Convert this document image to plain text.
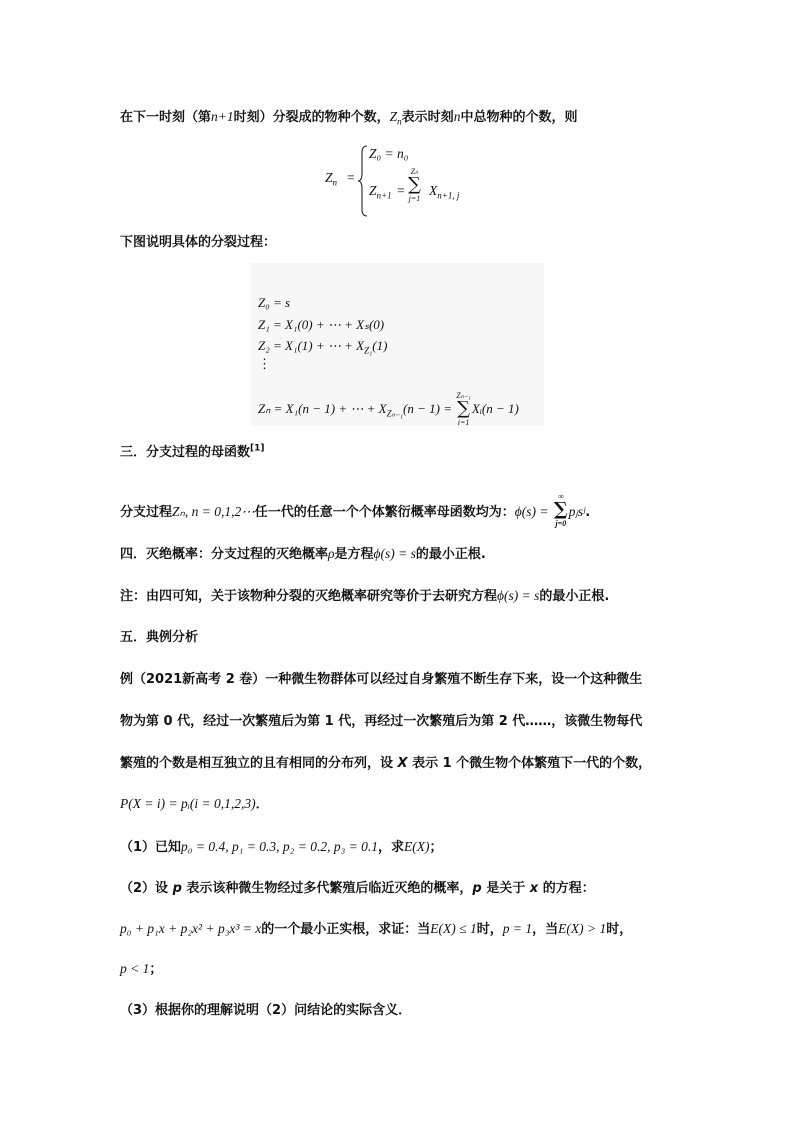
在下一时刻（第n+1时刻）分裂成的物种个数，$Z_n$表示时刻n中总物种的个数，则
$Z_n$ =
Z₀ = n₀
$Z_{n+1}$ =
Zₙ
∑
j=1
$X_{n+1, j}$
下图说明具体的分裂过程：
Z₀ = s
Z₁ = X₁(0) + ⋯ + Xₛ(0)
Z₂ = X₁(1) + ⋯ + $X_{Z_1}(1)$
⋮
Zₙ = X₁(n − 1) + ⋯ + $X_{Z_{n-1}}(n - 1)$ =
Zₙ₋₁
∑
i=1
Xᵢ(n − 1)
三．分支过程的母函数[1]
分支过程Zₙ, n = 0,1,2⋯任一代的任意一个个体繁衍概率母函数均为：ϕ(s) =
∞
∑
j=0
pⱼsʲ.
四．灭绝概率：分支过程的灭绝概率ρ是方程ϕ(s) = s的最小正根.
注：由四可知，关于该物种分裂的灭绝概率研究等价于去研究方程ϕ(s) = s的最小正根.
五．典例分析
例（2021新高考 2 卷）一种微生物群体可以经过自身繁殖不断生存下来，设一个这种微生
物为第 0 代，经过一次繁殖后为第 1 代，再经过一次繁殖后为第 2 代……，该微生物每代
繁殖的个数是相互独立的且有相同的分布列，设 X 表示 1 个微生物个体繁殖下一代的个数，
P(X = i) = pᵢ(i = 0,1,2,3)．
（1）已知p₀ = 0.4, p₁ = 0.3, p₂ = 0.2, p₃ = 0.1，求E(X)；
（2）设 p 表示该种微生物经过多代繁殖后临近灭绝的概率，p 是关于 x 的方程：
p₀ + p₁x + p₂x² + p₃x³ = x的一个最小正实根，求证：当E(X) ≤ 1时，p = 1，当E(X) > 1时，
p < 1；
（3）根据你的理解说明（2）问结论的实际含义．
